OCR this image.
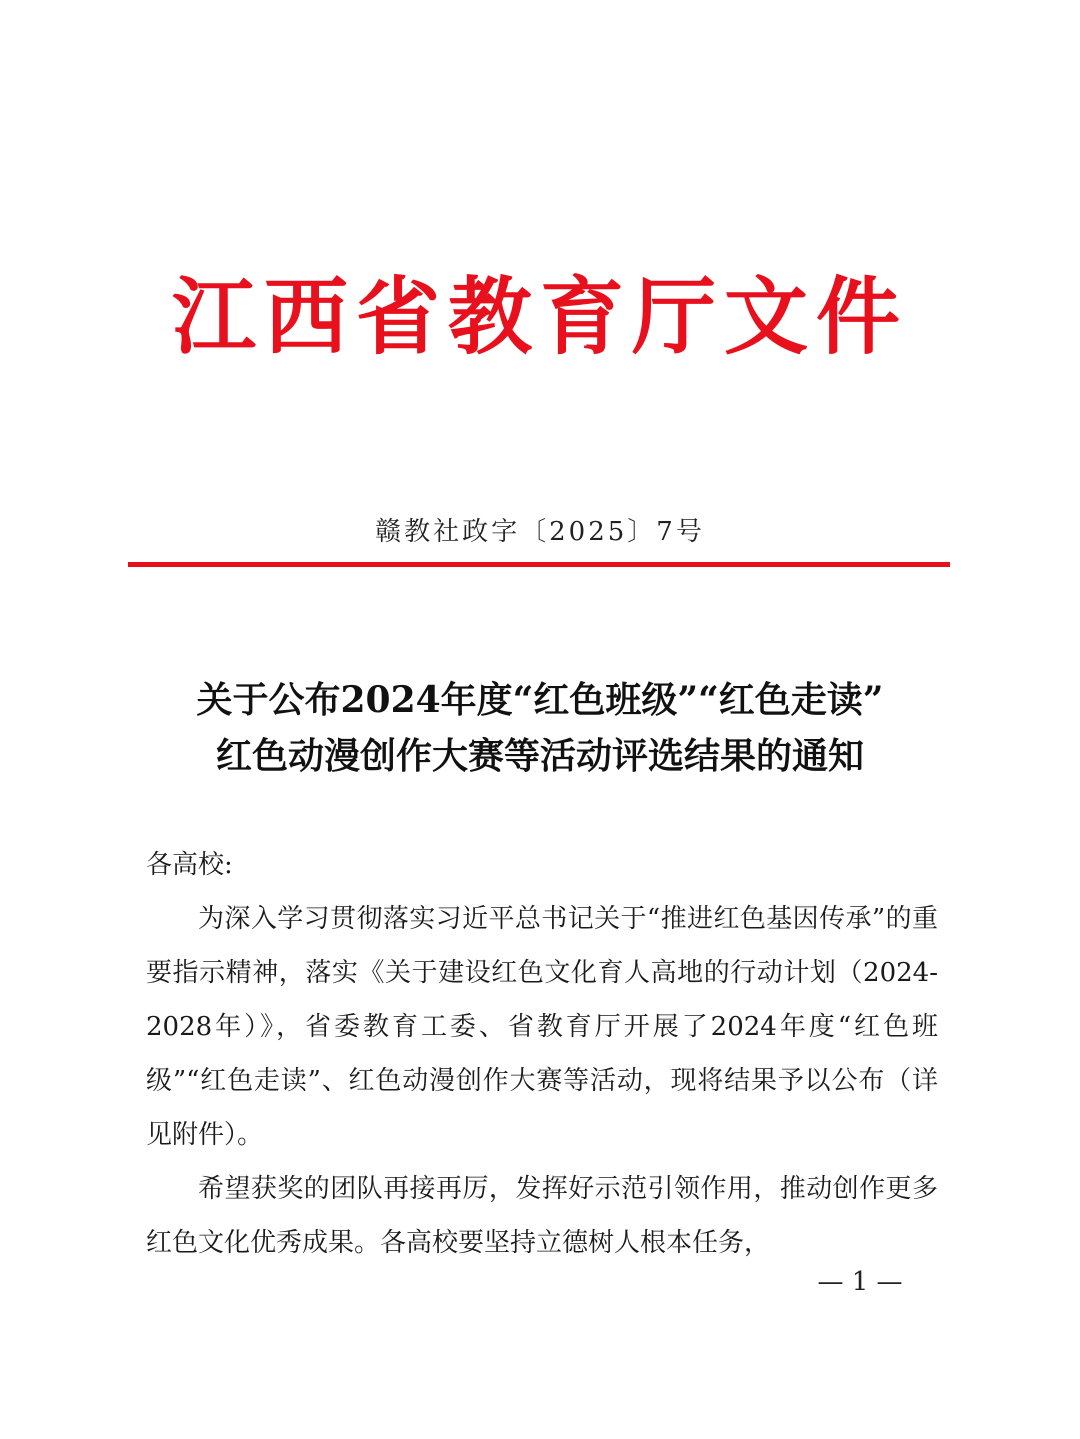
江西省教育厅文件
赣教社政字〔2025〕7号
关于公布2024年度“红色班级”“红色走读”
红色动漫创作大赛等活动评选结果的通知

各高校:

为深入学习贯彻落实习近平总书记关于“推进红色基因传承”的重要指示精神，落实《关于建设红色文化育人高地的行动计划（2024-2028年）》，省委教育工委、省教育厅开展了2024年度“红色班级”“红色走读”、红色动漫创作大赛等活动，现将结果予以公布（详见附件）。

希望获奖的团队再接再厉，发挥好示范引领作用，推动创作更多红色文化优秀成果。各高校要坚持立德树人根本任务，

— 1 —
